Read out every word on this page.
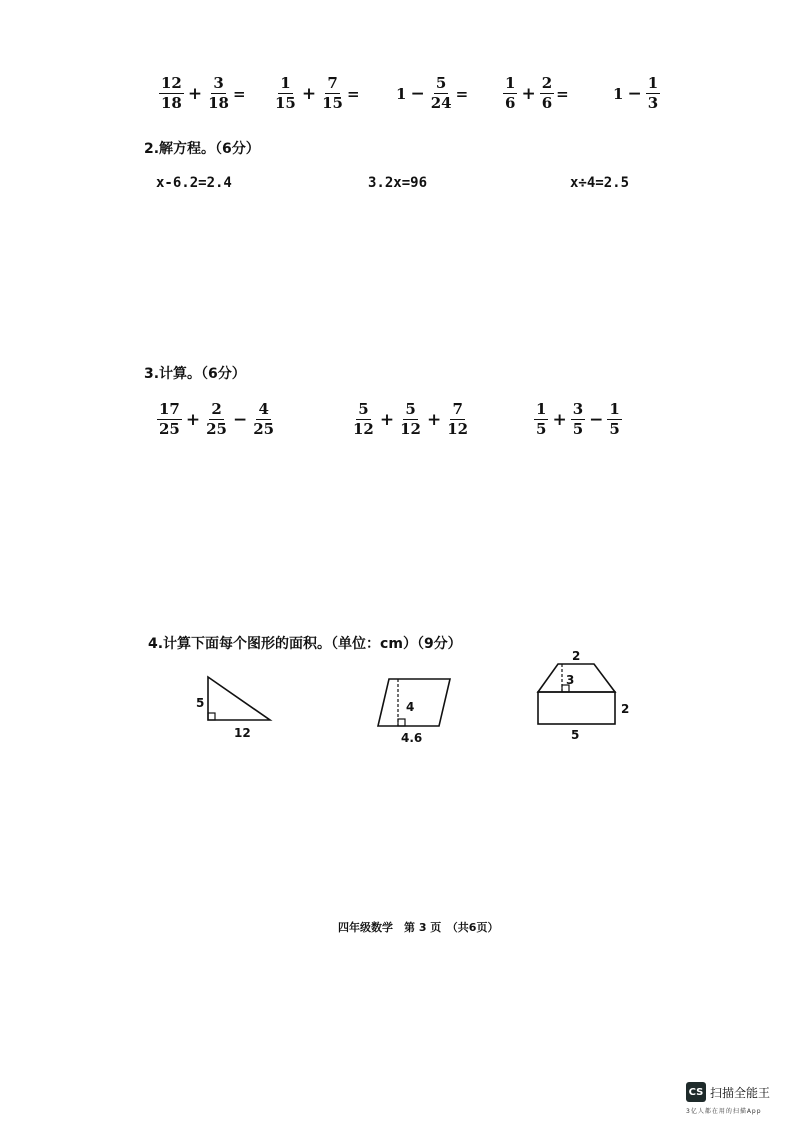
$\frac{12}{18} + \frac{3}{18} = \frac{1}{15} + \frac{7}{15} = 1 - \frac{5}{24} = \frac{1}{6} + \frac{2}{6}$ =	$1 - \frac{1}{3}$
2.解方程。（6分）
x-6.2=2.4	3.2x=96	x÷4=2.5
3.计算。（6分）
$\frac{17}{25} + \frac{2}{25} - \frac{4}{25}$	$\frac{5}{12} + \frac{5}{12} + \frac{7}{12}$	$\frac{1}{5} + \frac{3}{5} - \frac{1}{5}$
4.计算下面每个图形的面积。（单位：cm）（9分）
5
12
4
4.6
2
3
2
5
四年级数学　第 3 页　（共6页）
CS 扫描全能王
3亿人都在用的扫描App
